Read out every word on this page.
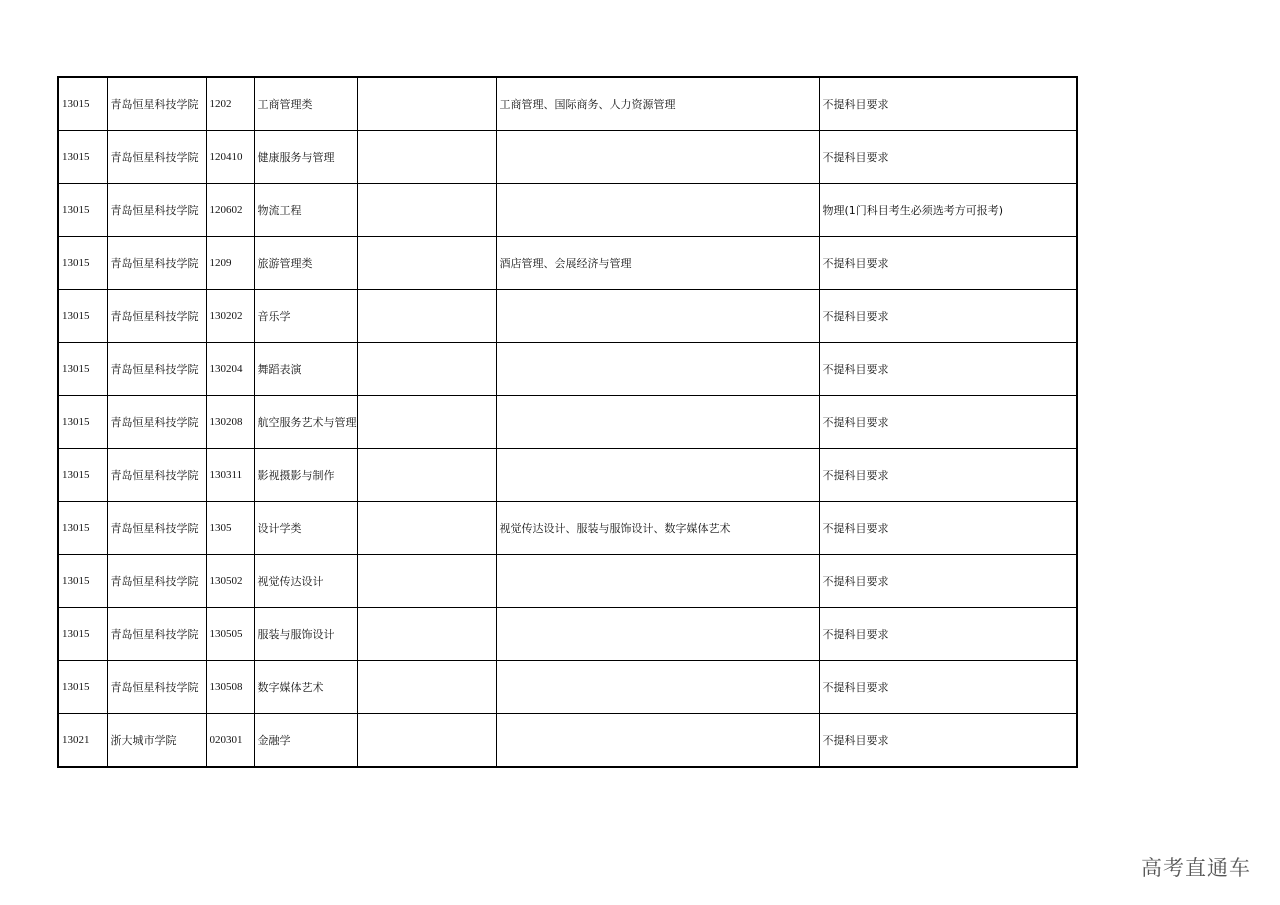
13015	青岛恒星科技学院	1202	工商管理类		工商管理、国际商务、人力资源管理	不提科目要求
13015	青岛恒星科技学院	120410	健康服务与管理			不提科目要求
13015	青岛恒星科技学院	120602	物流工程			物理(1门科目考生必须选考方可报考)
13015	青岛恒星科技学院	1209	旅游管理类		酒店管理、会展经济与管理	不提科目要求
13015	青岛恒星科技学院	130202	音乐学			不提科目要求
13015	青岛恒星科技学院	130204	舞蹈表演			不提科目要求
13015	青岛恒星科技学院	130208	航空服务艺术与管理			不提科目要求
13015	青岛恒星科技学院	130311	影视摄影与制作			不提科目要求
13015	青岛恒星科技学院	1305	设计学类		视觉传达设计、服装与服饰设计、数字媒体艺术	不提科目要求
13015	青岛恒星科技学院	130502	视觉传达设计			不提科目要求
13015	青岛恒星科技学院	130505	服装与服饰设计			不提科目要求
13015	青岛恒星科技学院	130508	数字媒体艺术			不提科目要求
13021	浙大城市学院	020301	金融学			不提科目要求
高考直通车
